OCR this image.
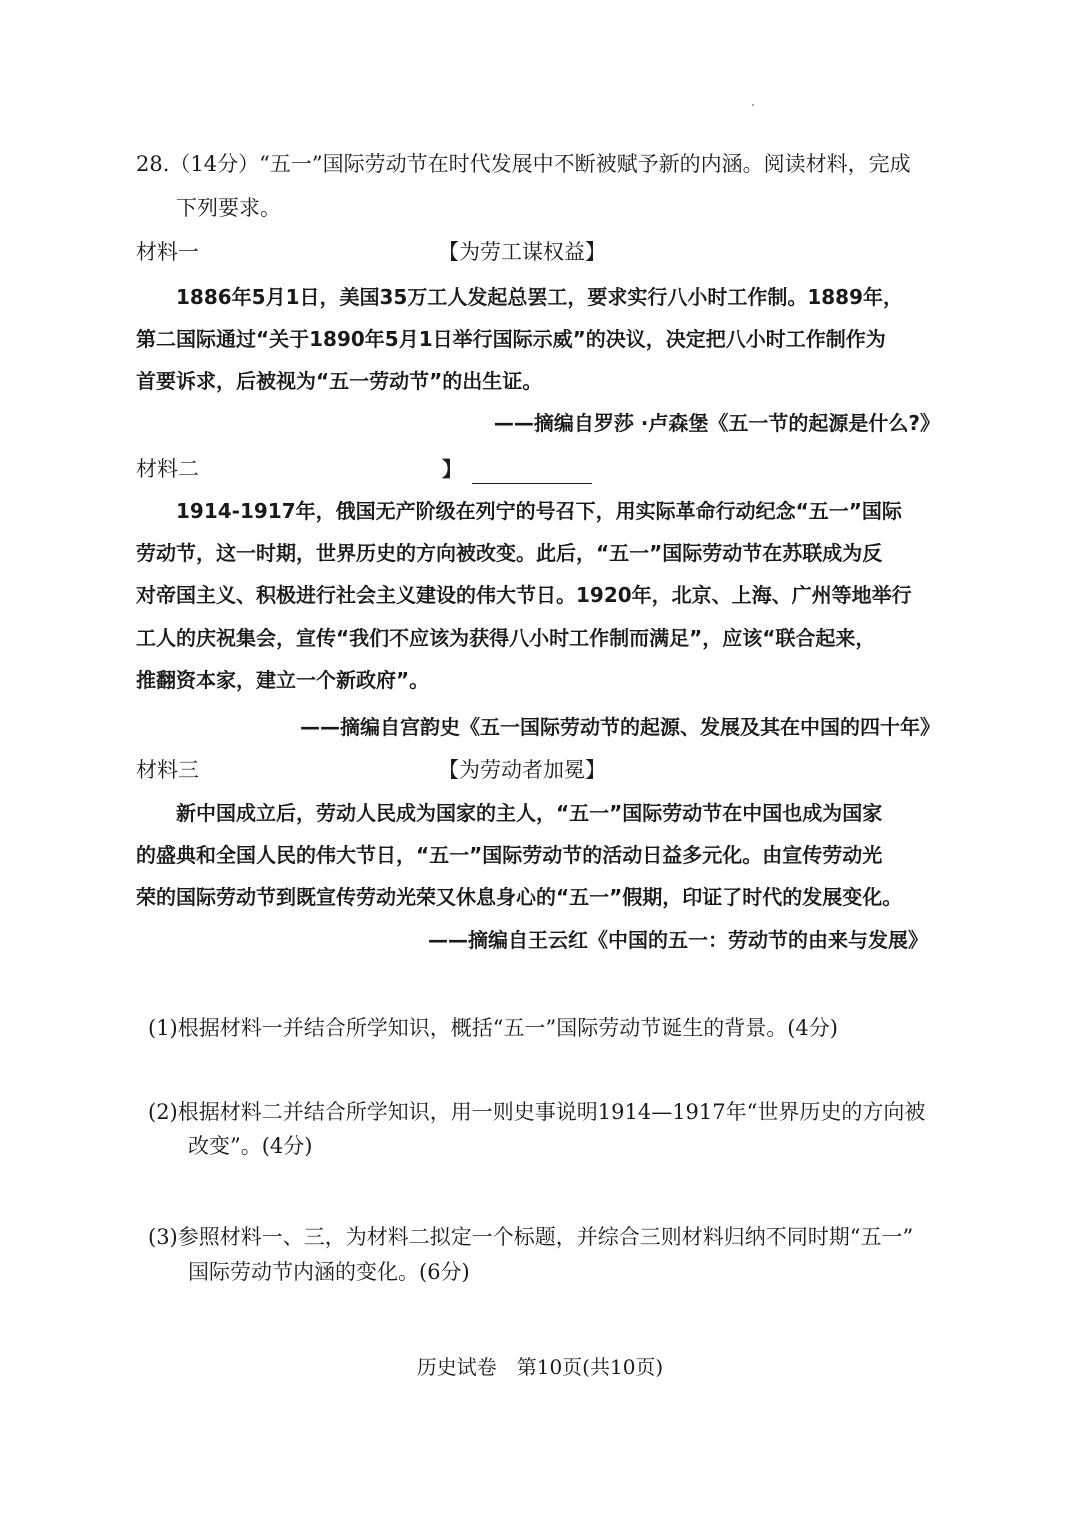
28.（14分）“五一”国际劳动节在时代发展中不断被赋予新的内涵。阅读材料，完成
下列要求。
材料一	【为劳工谋权益】
1886年5月1日，美国35万工人发起总罢工，要求实行八小时工作制。1889年，
第二国际通过“关于1890年5月1日举行国际示威”的决议，决定把八小时工作制作为
首要诉求，后被视为“五一劳动节”的出生证。
——摘编自罗莎 ·卢森堡《五一节的起源是什么?》
材料二	】
1914-1917年，俄国无产阶级在列宁的号召下，用实际革命行动纪念“五一”国际
劳动节，这一时期，世界历史的方向被改变。此后，“五一”国际劳动节在苏联成为反
对帝国主义、积极进行社会主义建设的伟大节日。1920年，北京、上海、广州等地举行
工人的庆祝集会，宣传“我们不应该为获得八小时工作制而满足”，应该“联合起来，
推翻资本家，建立一个新政府”。
——摘编自宫韵史《五一国际劳动节的起源、发展及其在中国的四十年》
材料三	【为劳动者加冕】
新中国成立后，劳动人民成为国家的主人，“五一”国际劳动节在中国也成为国家
的盛典和全国人民的伟大节日，“五一”国际劳动节的活动日益多元化。由宣传劳动光
荣的国际劳动节到既宣传劳动光荣又休息身心的“五一”假期，印证了时代的发展变化。
——摘编自王云红《中国的五一：劳动节的由来与发展》
(1)根据材料一并结合所学知识，概括“五一”国际劳动节诞生的背景。(4分)
(2)根据材料二并结合所学知识，用一则史事说明1914—1917年“世界历史的方向被
改变”。(4分)
(3)参照材料一、三，为材料二拟定一个标题，并综合三则材料归纳不同时期“五一”
国际劳动节内涵的变化。(6分)
历史试卷　第10页(共10页)
